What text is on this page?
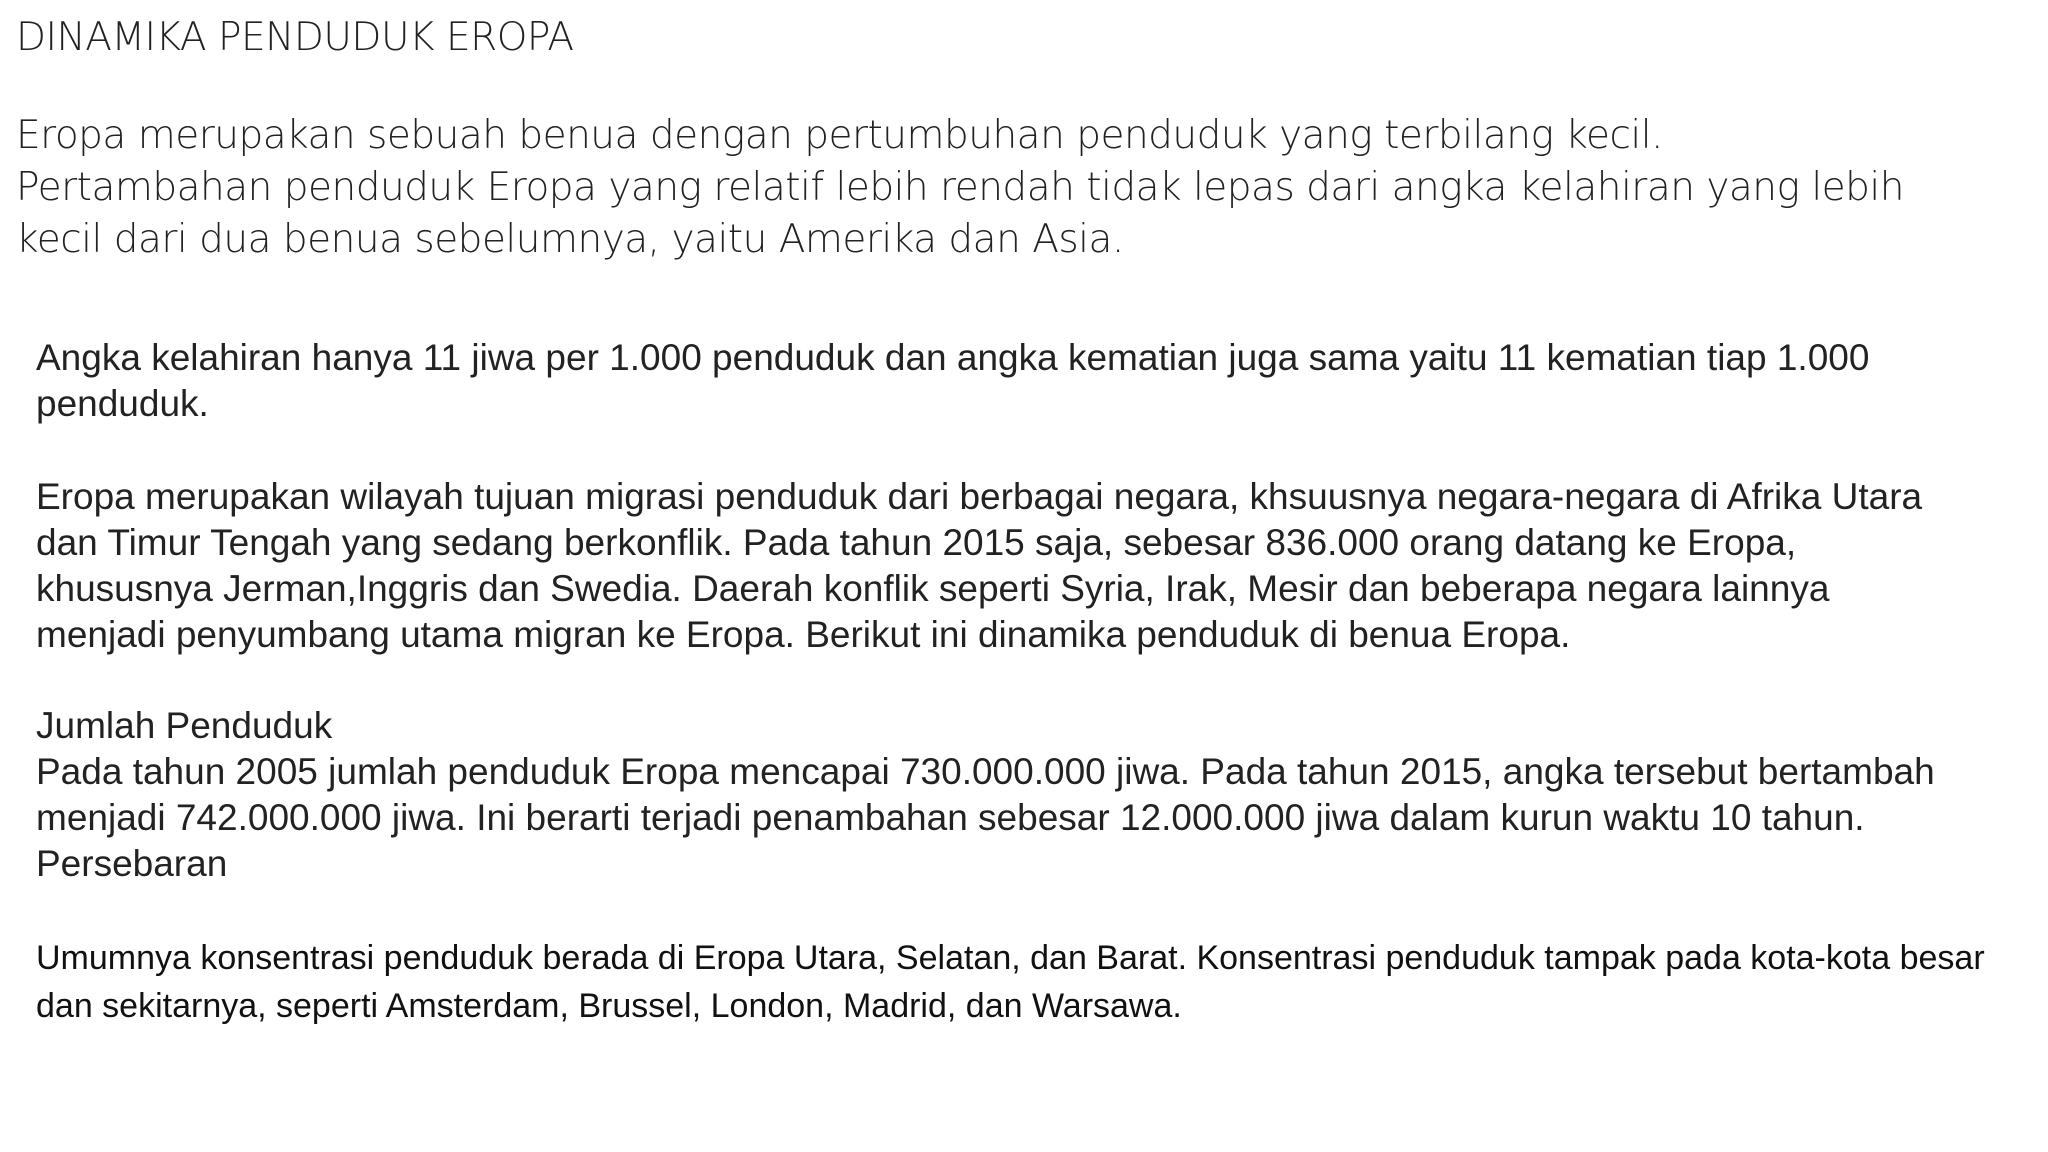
DINAMIKA PENDUDUK EROPA
Eropa merupakan sebuah benua dengan pertumbuhan penduduk yang terbilang kecil.
Pertambahan penduduk Eropa yang relatif lebih rendah tidak lepas dari angka kelahiran yang lebih
kecil dari dua benua sebelumnya, yaitu Amerika dan Asia.
Angka kelahiran hanya 11 jiwa per 1.000 penduduk dan angka kematian juga sama yaitu 11 kematian tiap 1.000
penduduk.
Eropa merupakan wilayah tujuan migrasi penduduk dari berbagai negara, khsuusnya negara-negara di Afrika Utara
dan Timur Tengah yang sedang berkonflik. Pada tahun 2015 saja, sebesar 836.000 orang datang ke Eropa,
khususnya Jerman,Inggris dan Swedia. Daerah konflik seperti Syria, Irak, Mesir dan beberapa negara lainnya
menjadi penyumbang utama migran ke Eropa. Berikut ini dinamika penduduk di benua Eropa.
Jumlah Penduduk
Pada tahun 2005 jumlah penduduk Eropa mencapai 730.000.000 jiwa. Pada tahun 2015, angka tersebut bertambah
menjadi 742.000.000 jiwa. Ini berarti terjadi penambahan sebesar 12.000.000 jiwa dalam kurun waktu 10 tahun.
Persebaran
Umumnya konsentrasi penduduk berada di Eropa Utara, Selatan, dan Barat. Konsentrasi penduduk tampak pada kota-kota besar
dan sekitarnya, seperti Amsterdam, Brussel, London, Madrid, dan Warsawa.
